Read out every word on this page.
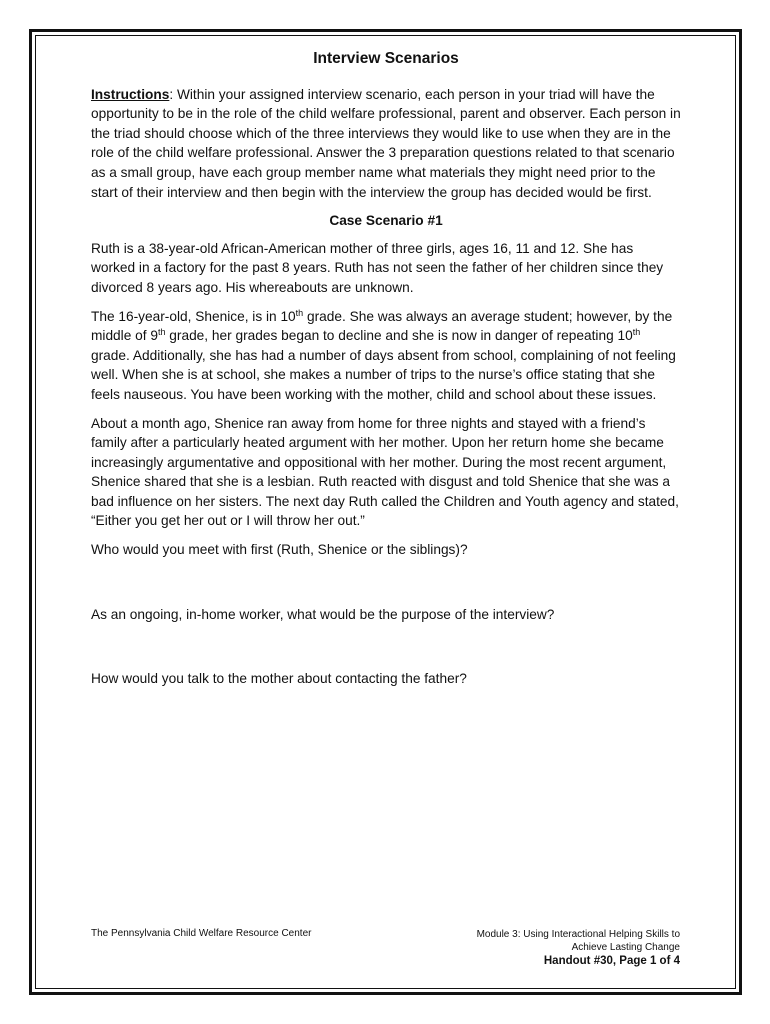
Interview Scenarios

Instructions: Within your assigned interview scenario, each person in your triad will have the opportunity to be in the role of the child welfare professional, parent and observer. Each person in the triad should choose which of the three interviews they would like to use when they are in the role of the child welfare professional. Answer the 3 preparation questions related to that scenario as a small group, have each group member name what materials they might need prior to the start of their interview and then begin with the interview the group has decided would be first.

Case Scenario #1

Ruth is a 38-year-old African-American mother of three girls, ages 16, 11 and 12. She has worked in a factory for the past 8 years. Ruth has not seen the father of her children since they divorced 8 years ago. His whereabouts are unknown.

The 16-year-old, Shenice, is in 10th grade. She was always an average student; however, by the middle of 9th grade, her grades began to decline and she is now in danger of repeating 10th grade. Additionally, she has had a number of days absent from school, complaining of not feeling well. When she is at school, she makes a number of trips to the nurse’s office stating that she feels nauseous. You have been working with the mother, child and school about these issues.

About a month ago, Shenice ran away from home for three nights and stayed with a friend’s family after a particularly heated argument with her mother. Upon her return home she became increasingly argumentative and oppositional with her mother. During the most recent argument, Shenice shared that she is a lesbian. Ruth reacted with disgust and told Shenice that she was a bad influence on her sisters. The next day Ruth called the Children and Youth agency and stated, “Either you get her out or I will throw her out.”

Who would you meet with first (Ruth, Shenice or the siblings)?

As an ongoing, in-home worker, what would be the purpose of the interview?

How would you talk to the mother about contacting the father?

The Pennsylvania Child Welfare Resource Center	Module 3: Using Interactional Helping Skills to
Achieve Lasting Change
Handout #30, Page 1 of 4
